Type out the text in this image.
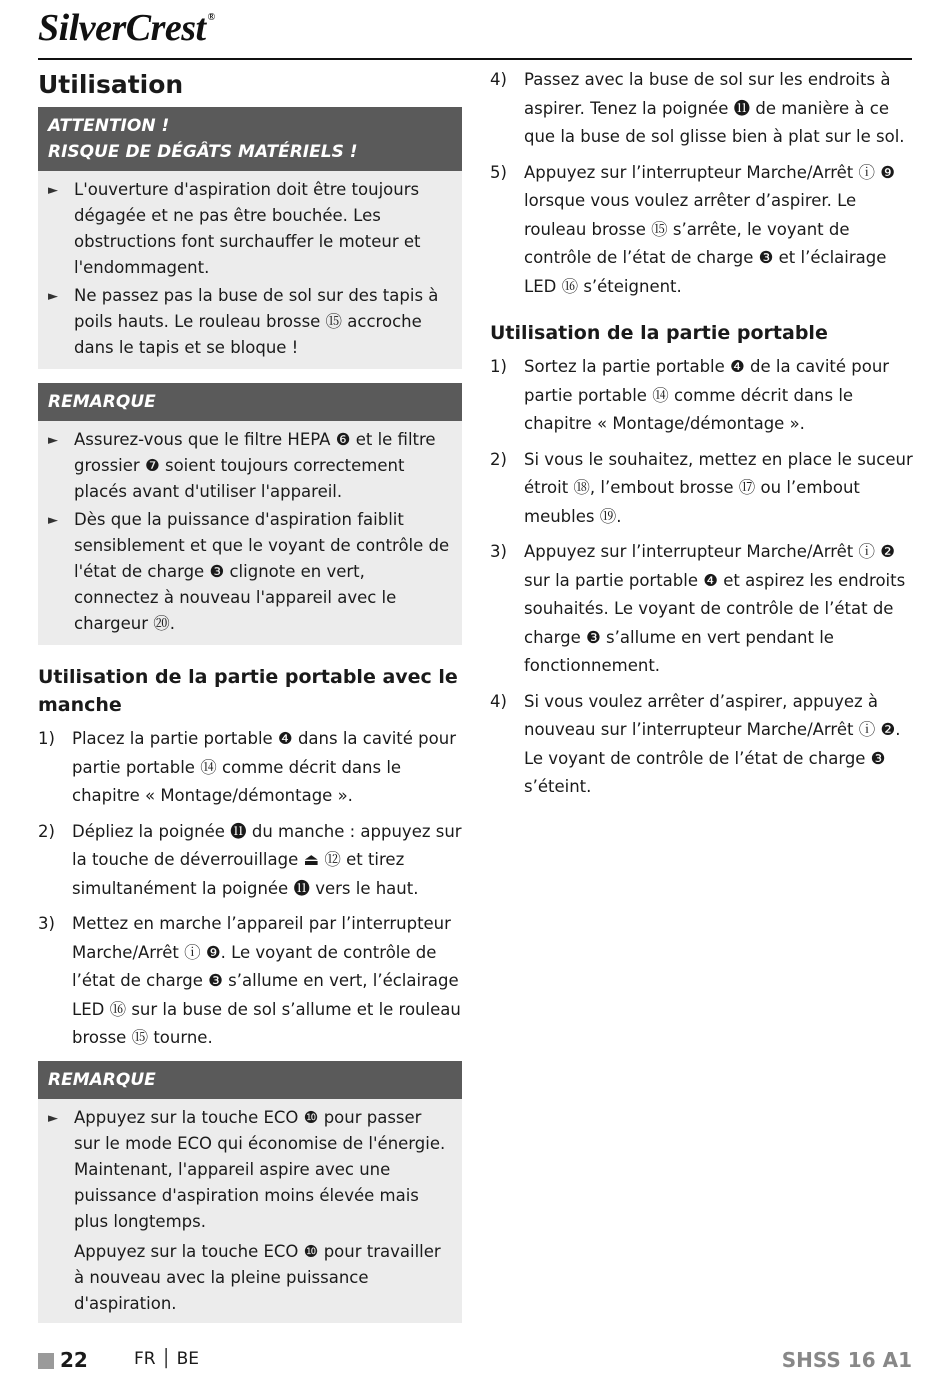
SilverCrest ®
Utilisation
ATTENTION !
RISQUE DE DÉGÂTS MATÉRIELS !
► L'ouverture d'aspiration doit être toujours dégagée et ne pas être bouchée. Les obstructions font surchauffer le moteur et l'endommagent.
► Ne passez pas la buse de sol sur des tapis à poils hauts. Le rouleau brosse ⑮ accroche dans le tapis et se bloque !
REMARQUE
► Assurez-vous que le filtre HEPA ❻ et le filtre grossier ❼ soient toujours correctement placés avant d'utiliser l'appareil.
► Dès que la puissance d'aspiration faiblit sensiblement et que le voyant de contrôle de l'état de charge ❸ clignote en vert, connectez à nouveau l'appareil avec le chargeur ⑳.
Utilisation de la partie portable avec le manche
1)	Placez la partie portable ❹ dans la cavité pour partie portable ⑭ comme décrit dans le chapitre « Montage/démontage ».
2)	Dépliez la poignée ⓫ du manche : appuyez sur la touche de déverrouillage ⏏ ⑫ et tirez simultanément la poignée ⓫ vers le haut.
3)	Mettez en marche l’appareil par l’interrupteur Marche/Arrêt ⓘ ❾. Le voyant de contrôle de l’état de charge ❸ s’allume en vert, l’éclairage LED ⑯ sur la buse de sol s’allume et le rouleau brosse ⑮ tourne.
REMARQUE
► Appuyez sur la touche ECO ❿ pour passer sur le mode ECO qui économise de l'énergie. Maintenant, l'appareil aspire avec une puissance d'aspiration moins élevée mais plus longtemps.
Appuyez sur la touche ECO ❿ pour travailler à nouveau avec la pleine puissance d'aspiration.
4)	Passez avec la buse de sol sur les endroits à aspirer. Tenez la poignée ⓫ de manière à ce que la buse de sol glisse bien à plat sur le sol.
5)	Appuyez sur l’interrupteur Marche/Arrêt ⓘ ❾ lorsque vous voulez arrêter d’aspirer. Le rouleau brosse ⑮ s’arrête, le voyant de contrôle de l’état de charge ❸ et l’éclairage LED ⑯ s’éteignent.
Utilisation de la partie portable
1)	Sortez la partie portable ❹ de la cavité pour partie portable ⑭ comme décrit dans le chapitre « Montage/démontage ».
2)	Si vous le souhaitez, mettez en place le suceur étroit ⑱, l’embout brosse ⑰ ou l’embout meubles ⑲.
3)	Appuyez sur l’interrupteur Marche/Arrêt ⓘ ❷ sur la partie portable ❹ et aspirez les endroits souhaités. Le voyant de contrôle de l’état de charge ❸ s’allume en vert pendant le fonctionnement.
4)	Si vous voulez arrêter d’aspirer, appuyez à nouveau sur l’interrupteur Marche/Arrêt ⓘ ❷. Le voyant de contrôle de l’état de charge ❸ s’éteint.
22	FR │ BE	SHSS 16 A1
